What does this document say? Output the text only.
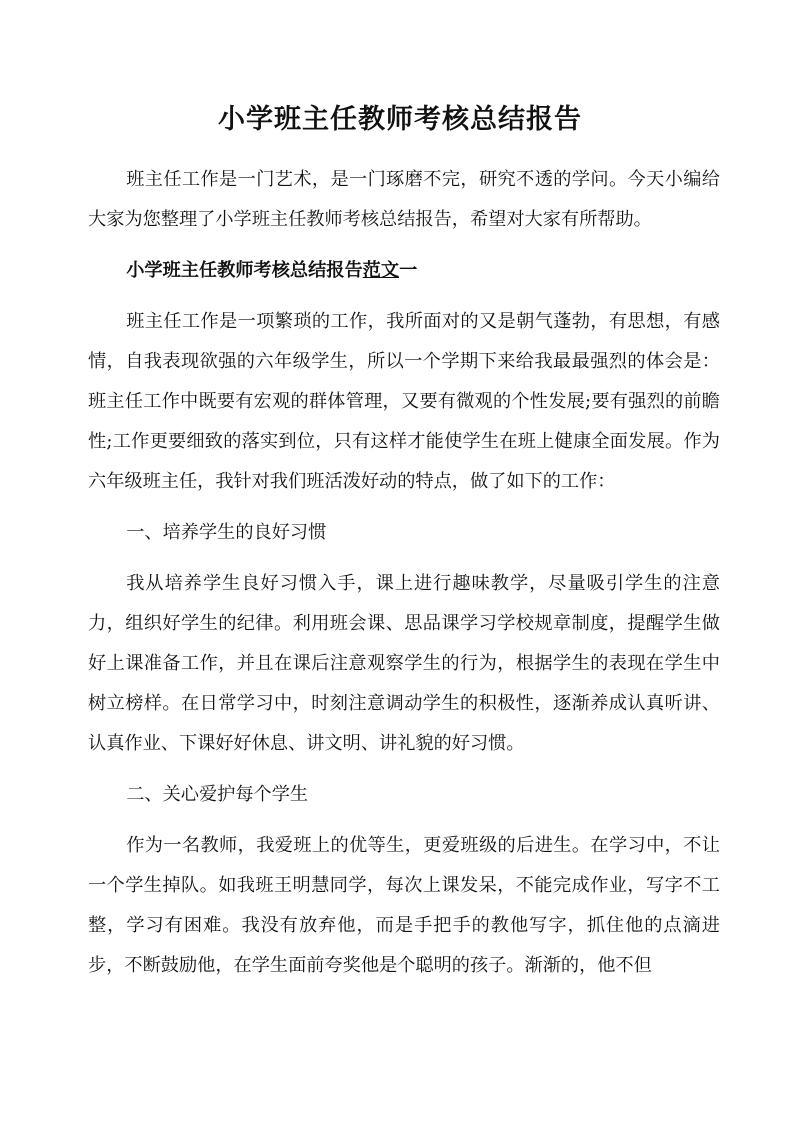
小学班主任教师考核总结报告

班主任工作是一门艺术，是一门琢磨不完，研究不透的学问。今天小编给大家为您整理了小学班主任教师考核总结报告，希望对大家有所帮助。

小学班主任教师考核总结报告范文一

班主任工作是一项繁琐的工作，我所面对的又是朝气蓬勃，有思想，有感情，自我表现欲强的六年级学生，所以一个学期下来给我最最强烈的体会是：班主任工作中既要有宏观的群体管理，又要有微观的个性发展;要有强烈的前瞻性;工作更要细致的落实到位，只有这样才能使学生在班上健康全面发展。作为六年级班主任，我针对我们班活泼好动的特点，做了如下的工作：

一、培养学生的良好习惯

我从培养学生良好习惯入手，课上进行趣味教学，尽量吸引学生的注意力，组织好学生的纪律。利用班会课、思品课学习学校规章制度，提醒学生做好上课准备工作，并且在课后注意观察学生的行为，根据学生的表现在学生中树立榜样。在日常学习中，时刻注意调动学生的积极性，逐渐养成认真听讲、认真作业、下课好好休息、讲文明、讲礼貌的好习惯。

二、关心爱护每个学生

作为一名教师，我爱班上的优等生，更爱班级的后进生。在学习中，不让一个学生掉队。如我班王明慧同学，每次上课发呆，不能完成作业，写字不工整，学习有困难。我没有放弃他，而是手把手的教他写字，抓住他的点滴进步，不断鼓励他，在学生面前夸奖他是个聪明的孩子。渐渐的，他不但
